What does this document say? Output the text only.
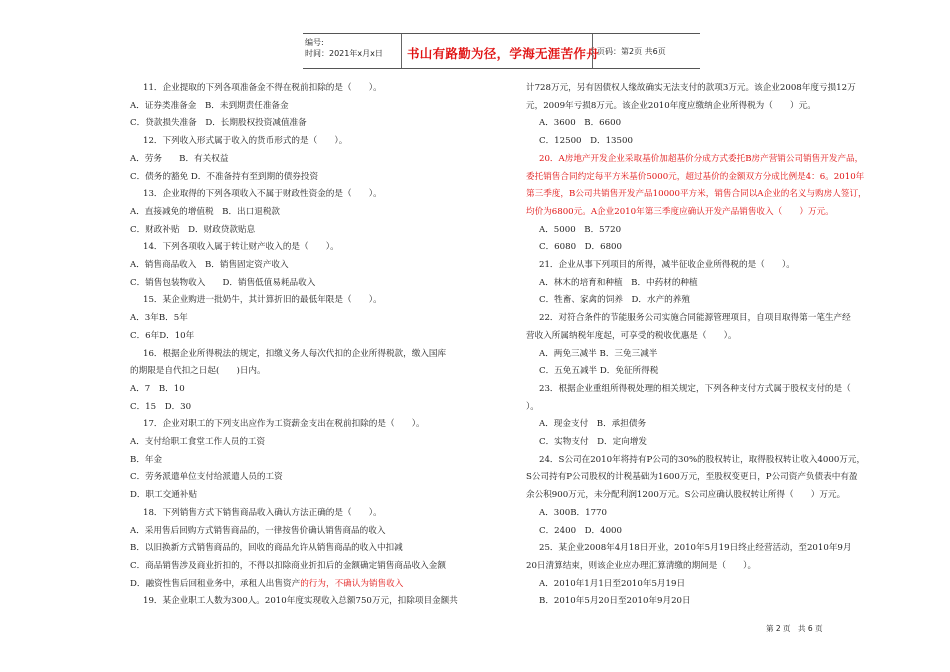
编号:
时间：2021年x月x日 书山有路勤为径，学海无涯苦作舟
页码：第2页 共6页
11．企业提取的下列各项准备金不得在税前扣除的是（　　）。
A．证券类准备金　B．未到期责任准备金
C．贷款损失准备　D．长期股权投资减值准备
12．下列收入形式属于收入的货币形式的是（　　）。
A．劳务　　B．有关权益
C．债务的豁免 D．不准备持有至到期的债券投资
13．企业取得的下列各项收入不属于财政性资金的是（　　）。
A．直接减免的增值税　B．出口退税款
C．财政补贴　D．财政贷款贴息
14．下列各项收入属于转让财产收入的是（　　）。
A．销售商品收入　B．销售固定资产收入
C．销售包装物收入　　D．销售低值易耗品收入
15．某企业购进一批奶牛，其计算折旧的最低年限是（　　）。
A．3年B．5年
C．6年D．10年
16．根据企业所得税法的规定，扣缴义务人每次代扣的企业所得税款，缴入国库
的期限是自代扣之日起(　　)日内。
A．7　B．10
C．15　D．30
17．企业对职工的下列支出应作为工资薪金支出在税前扣除的是（　　）。
A．支付给职工食堂工作人员的工资
B．年金
C．劳务派遣单位支付给派遣人员的工资
D．职工交通补贴
18．下列销售方式下销售商品收入确认方法正确的是（　　）。
A．采用售后回购方式销售商品的，一律按售价确认销售商品的收入
B．以旧换新方式销售商品的，回收的商品允许从销售商品的收入中扣减
C．商品销售涉及商业折扣的，不得以扣除商业折扣后的金额确定销售商品收入金额
D．融资性售后回租业务中，承租人出售资产的行为，不确认为销售收入
19．某企业职工人数为300人。2010年度实现收入总额750万元，扣除项目金额共
计728万元，另有因债权人缘故确实无法支付的款项3万元。该企业2008年度亏损12万
元，2009年亏损8万元。该企业2010年度应缴纳企业所得税为（　　）元。
A．3600　B．6600
C．12500　D．13500
20．A房地产开发企业采取基价加超基价分成方式委托B房产营销公司销售开发产品，
委托销售合同约定每平方米基价5000元，超过基价的金额双方分成比例是4：6。2010年
第三季度，B公司共销售开发产品10000平方米，销售合同以A企业的名义与购房人签订，
均价为6800元。A企业2010年第三季度应确认开发产品销售收入（　　）万元。
A．5000　B．5720
C．6080　D．6800
21．企业从事下列项目的所得，减半征收企业所得税的是（　　）。
A．林木的培育和种植　B．中药材的种植
C．牲畜、家禽的饲养　D．水产的养殖
22．对符合条件的节能服务公司实施合同能源管理项目，自项目取得第一笔生产经
营收入所属纳税年度起，可享受的税收优惠是（　　）。
A．两免三减半 B．三免三减半
C．五免五减半 D．免征所得税
23．根据企业重组所得税处理的相关规定，下列各种支付方式属于股权支付的是（
）。
A．现金支付　B．承担债务
C．实物支付　D．定向增发
24．S公司在2010年将持有P公司的30%的股权转让，取得股权转让收入4000万元，
S公司持有P公司股权的计税基础为1600万元，至股权变更日，P公司资产负债表中有盈
余公积900万元，未分配利润1200万元。S公司应确认股权转让所得（　　）万元。
A．300B．1770
C．2400　D．4000
25．某企业2008年4月18日开业，2010年5月19日终止经营活动，至2010年9月
20日清算结束，则该企业应办理汇算清缴的期间是（　　）。
A．2010年1月1日至2010年5月19日
B．2010年5月20日至2010年9月20日
第 2 页　共 6 页
